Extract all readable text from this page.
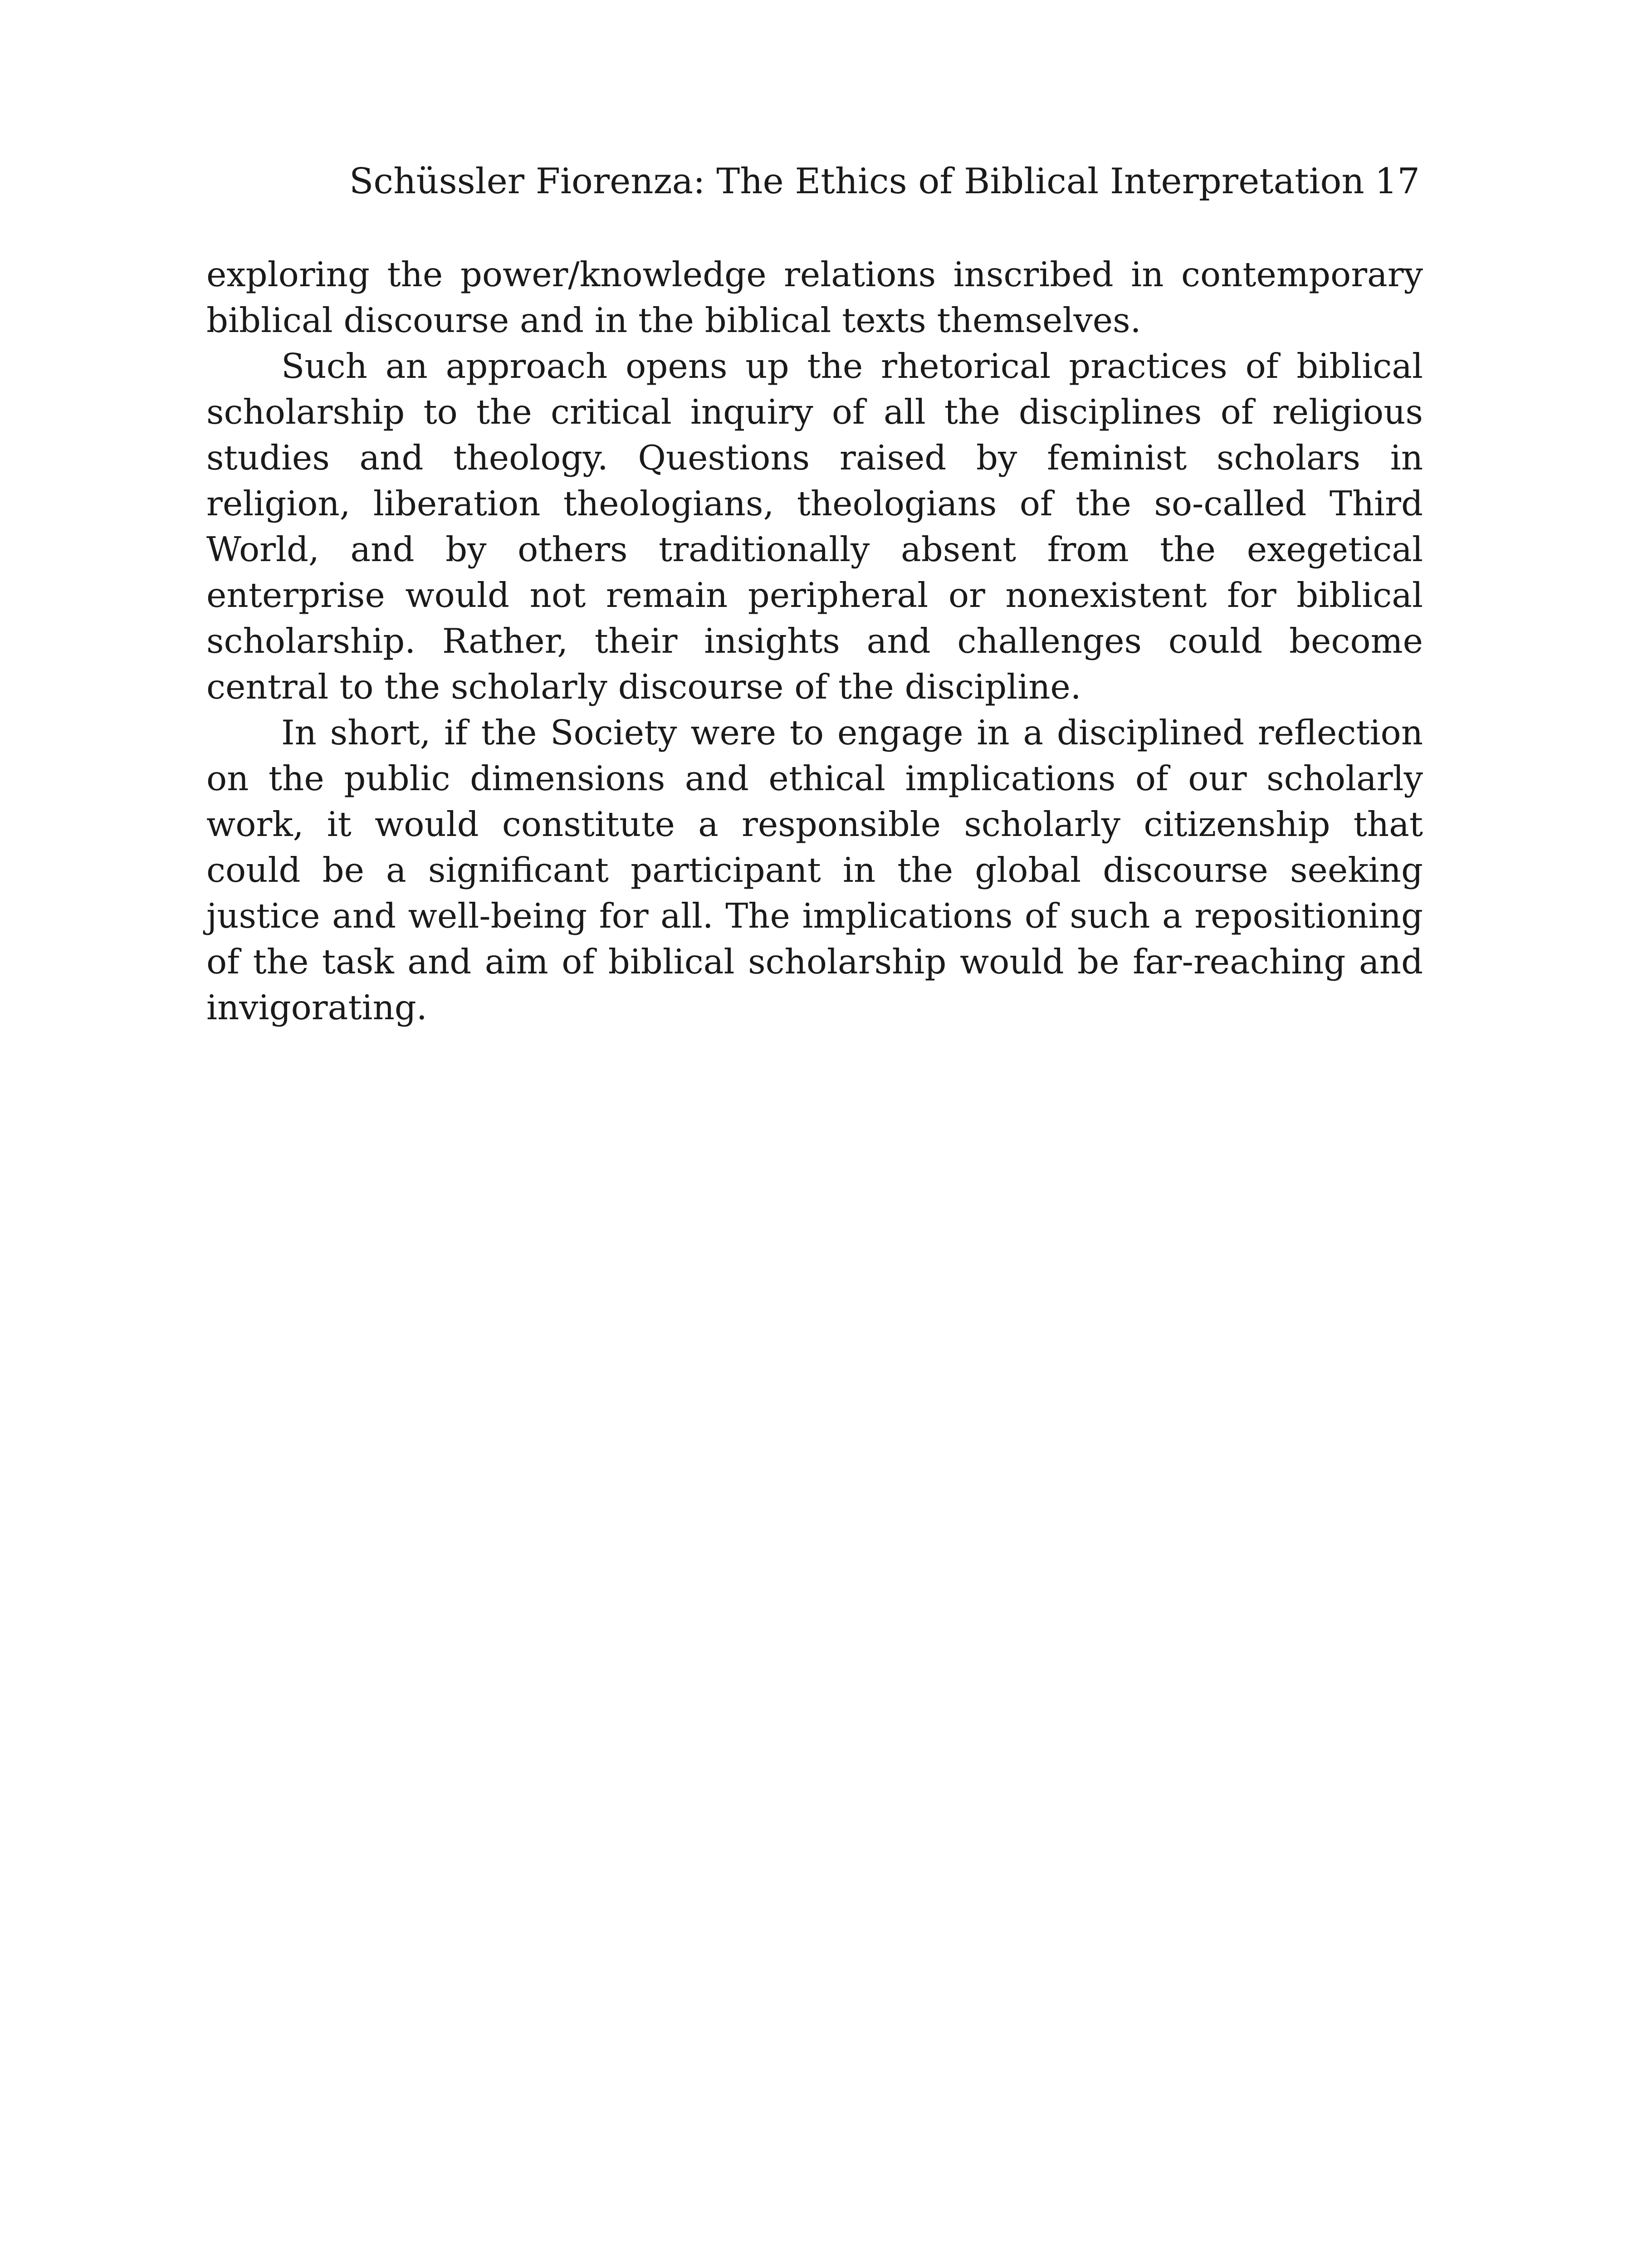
Schüssler Fiorenza: The Ethics of Biblical Interpretation 17

exploring the power/knowledge relations inscribed in contemporary biblical discourse and in the biblical texts themselves.

Such an approach opens up the rhetorical practices of biblical scholarship to the critical inquiry of all the disciplines of religious studies and theology. Questions raised by feminist scholars in religion, liberation theologians, theologians of the so-called Third World, and by others traditionally absent from the exegetical enterprise would not remain peripheral or nonexistent for biblical scholarship. Rather, their insights and challenges could become central to the scholarly discourse of the discipline.

In short, if the Society were to engage in a disciplined reflection on the public dimensions and ethical implications of our scholarly work, it would constitute a responsible scholarly citizenship that could be a significant participant in the global discourse seeking justice and well-being for all. The implications of such a repositioning of the task and aim of biblical scholarship would be far-reaching and invigorating.
